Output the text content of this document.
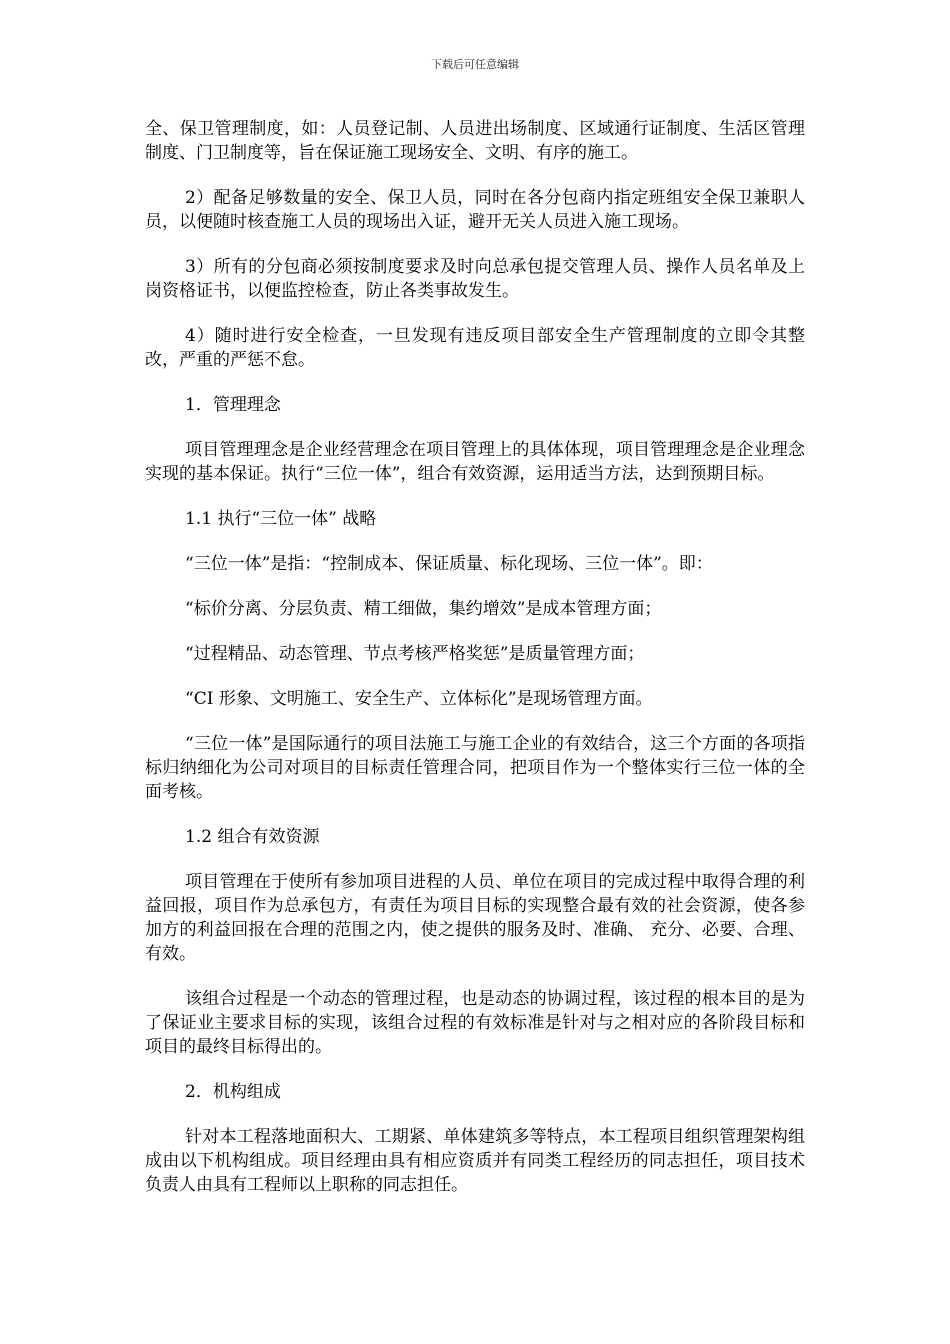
下载后可任意编辑

全、保卫管理制度，如：人员登记制、人员进出场制度、区域通行证制度、生活区管理制度、门卫制度等，旨在保证施工现场安全、文明、有序的施工。

2）配备足够数量的安全、保卫人员，同时在各分包商内指定班组安全保卫兼职人员，以便随时核查施工人员的现场出入证，避开无关人员进入施工现场。

3）所有的分包商必须按制度要求及时向总承包提交管理人员、操作人员名单及上岗资格证书，以便监控检查，防止各类事故发生。

4）随时进行安全检查，一旦发现有违反项目部安全生产管理制度的立即令其整改，严重的严惩不怠。

1．管理理念

项目管理理念是企业经营理念在项目管理上的具体体现，项目管理理念是企业理念实现的基本保证。执行“三位一体”，组合有效资源，运用适当方法，达到预期目标。

1.1 执行“三位一体” 战略

“三位一体”是指：“控制成本、保证质量、标化现场、三位一体”。即：

“标价分离、分层负责、精工细做，集约增效”是成本管理方面；

“过程精品、动态管理、节点考核严格奖惩”是质量管理方面；

“CI 形象、文明施工、安全生产、立体标化”是现场管理方面。

“三位一体”是国际通行的项目法施工与施工企业的有效结合，这三个方面的各项指标归纳细化为公司对项目的目标责任管理合同，把项目作为一个整体实行三位一体的全面考核。

1.2 组合有效资源

项目管理在于使所有参加项目进程的人员、单位在项目的完成过程中取得合理的利益回报，项目作为总承包方，有责任为项目目标的实现整合最有效的社会资源，使各参加方的利益回报在合理的范围之内，使之提供的服务及时、准确、 充分、必要、合理、有效。

该组合过程是一个动态的管理过程，也是动态的协调过程，该过程的根本目的是为了保证业主要求目标的实现，该组合过程的有效标准是针对与之相对应的各阶段目标和项目的最终目标得出的。

2．机构组成

针对本工程落地面积大、工期紧、单体建筑多等特点，本工程项目组织管理架构组成由以下机构组成。项目经理由具有相应资质并有同类工程经历的同志担任，项目技术负责人由具有工程师以上职称的同志担任。
